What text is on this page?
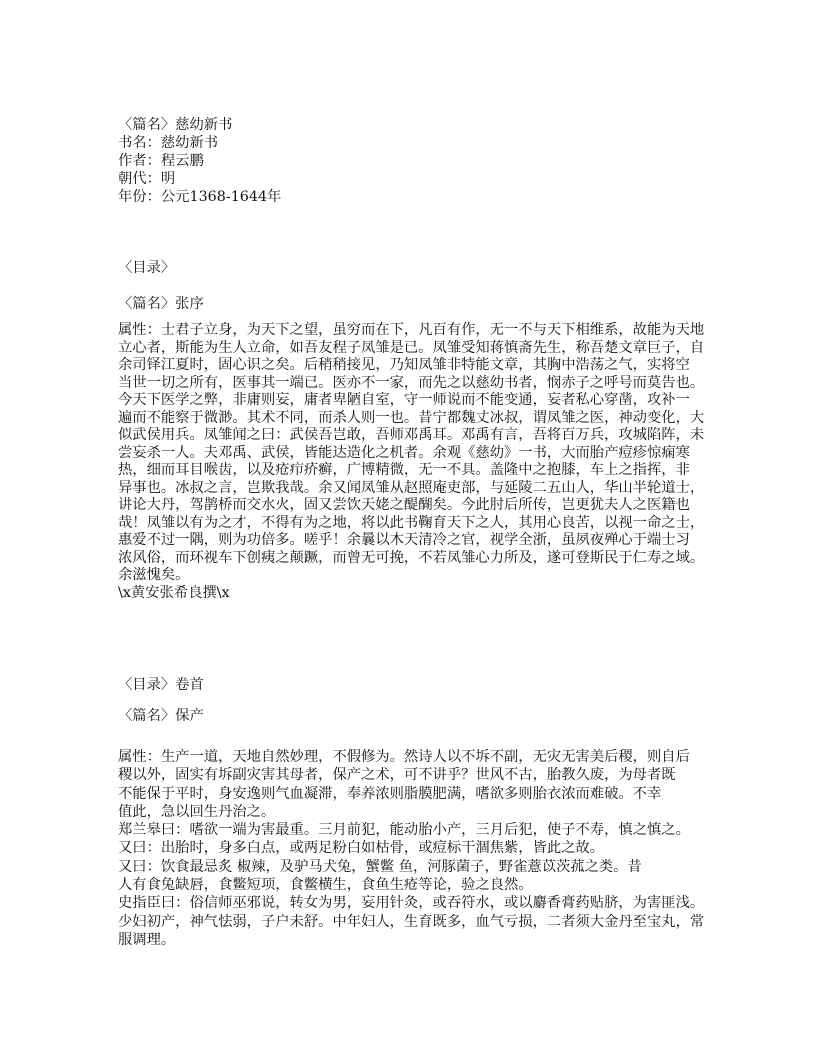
〈篇名〉慈幼新书
书名：慈幼新书
作者：程云鹏
朝代：明
年份：公元1368-1644年
〈目录〉
〈篇名〉张序
属性：士君子立身，为天下之望，虽穷而在下，凡百有作，无一不与天下相维系，故能为天地
立心者，斯能为生人立命，如吾友程子凤雏是已。凤雏受知蒋慎斋先生，称吾楚文章巨子，自
余司铎江夏时，固心识之矣。后稍稍接见，乃知凤雏非特能文章，其胸中浩荡之气，实将空
当世一切之所有，医事其一端已。医亦不一家，而先之以慈幼书者，悯赤子之呼号而莫告也。
今天下医学之弊，非庸则妄，庸者卑陋自室，守一师说而不能变通，妄者私心穿凿，攻补一
遍而不能察于微渺。其术不同，而杀人则一也。昔宁都魏丈冰叔，谓凤雏之医，神动变化，大
似武侯用兵。凤雏闻之曰：武侯吾岂敢，吾师邓禹耳。邓禹有言，吾将百万兵，攻城陷阵，未
尝妄杀一人。夫邓禹、武侯，皆能达造化之机者。余观《慈幼》一书，大而胎产痘疹惊痫寒
热，细而耳目喉齿，以及疮疖疥癣，广博精微，无一不具。盖隆中之抱膝，车上之指挥，非
异事也。冰叔之言，岂欺我哉。余又闻凤雏从赵照庵吏部，与延陵二五山人，华山半轮道士，
讲论大丹，驾鹊桥而交水火，固又尝饮天姥之醍醐矣。今此肘后所传，岂更犹夫人之医籍也
哉！凤雏以有为之才，不得有为之地，将以此书鞠育天下之人，其用心良苦，以视一命之士，
惠爱不过一隅，则为功倍多。嗟乎！余曩以木天清冷之官，视学全浙，虽夙夜殚心于端士习
浓风俗，而环视车下创痍之颠蹶，而曾无可挽，不若凤雏心力所及，遂可登斯民于仁寿之域。
余滋愧矣。
\x黄安张希良撰\x
〈目录〉卷首
〈篇名〉保产
属性：生产一道，天地自然妙理，不假修为。然诗人以不坼不副，无灾无害美后稷，则自后
稷以外，固实有坼副灾害其母者，保产之术，可不讲乎？世风不古，胎教久废，为母者既
不能保于平时，身安逸则气血凝滞，奉养浓则脂膜肥满，嗜欲多则胎衣浓而难破。不幸
值此，急以回生丹治之。
郑兰皋曰：嗜欲一端为害最重。三月前犯，能动胎小产，三月后犯，使子不寿，慎之慎之。
又曰：出胎时，身多白点，或两足粉白如枯骨，或痘标干涸焦紫，皆此之故。
又曰：饮食最忌炙 椒辣，及驴马犬兔，蟹鳖 鱼，河豚菌子，野雀薏苡茨菰之类。昔
人有食兔缺唇，食鳖短项，食鳖横生，食鱼生疮等论，验之良然。
史指臣曰：俗信师巫邪说，转女为男，妄用针灸，或吞符水，或以麝香膏药贴脐，为害匪浅。
少妇初产，神气怯弱，子户未舒。中年妇人，生育既多，血气亏损，二者须大金丹至宝丸，常
服调理。
